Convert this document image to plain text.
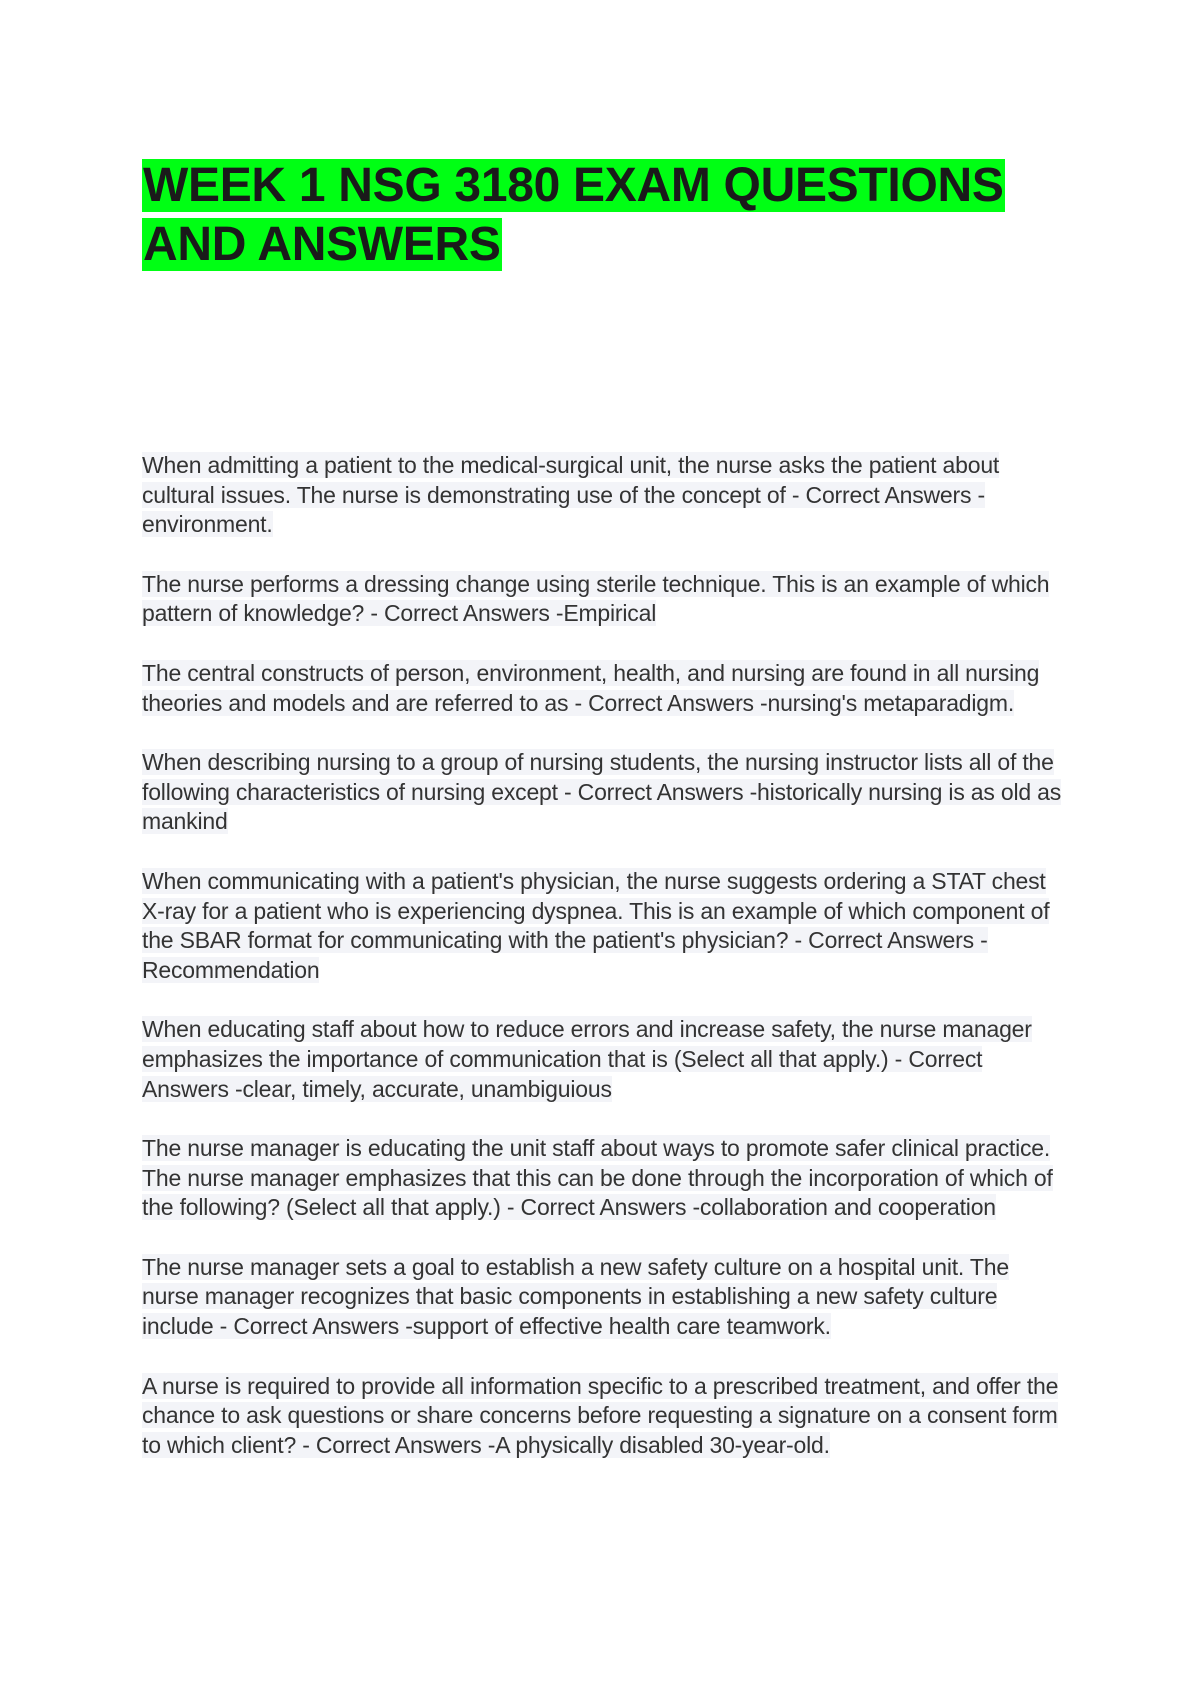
WEEK 1 NSG 3180 EXAM QUESTIONS
AND ANSWERS

When admitting a patient to the medical-surgical unit, the nurse asks the patient about cultural issues. The nurse is demonstrating use of the concept of - Correct Answers -environment.

The nurse performs a dressing change using sterile technique. This is an example of which pattern of knowledge? - Correct Answers -Empirical

The central constructs of person, environment, health, and nursing are found in all nursing theories and models and are referred to as - Correct Answers -nursing's metaparadigm.

When describing nursing to a group of nursing students, the nursing instructor lists all of the following characteristics of nursing except - Correct Answers -historically nursing is as old as mankind

When communicating with a patient's physician, the nurse suggests ordering a STAT chest X-ray for a patient who is experiencing dyspnea. This is an example of which component of the SBAR format for communicating with the patient's physician? - Correct Answers -Recommendation

When educating staff about how to reduce errors and increase safety, the nurse manager emphasizes the importance of communication that is (Select all that apply.) - Correct Answers -clear, timely, accurate, unambiguious

The nurse manager is educating the unit staff about ways to promote safer clinical practice. The nurse manager emphasizes that this can be done through the incorporation of which of the following? (Select all that apply.) - Correct Answers -collaboration and cooperation

The nurse manager sets a goal to establish a new safety culture on a hospital unit. The nurse manager recognizes that basic components in establishing a new safety culture include - Correct Answers -support of effective health care teamwork.

A nurse is required to provide all information specific to a prescribed treatment, and offer the chance to ask questions or share concerns before requesting a signature on a consent form to which client? - Correct Answers -A physically disabled 30-year-old.
